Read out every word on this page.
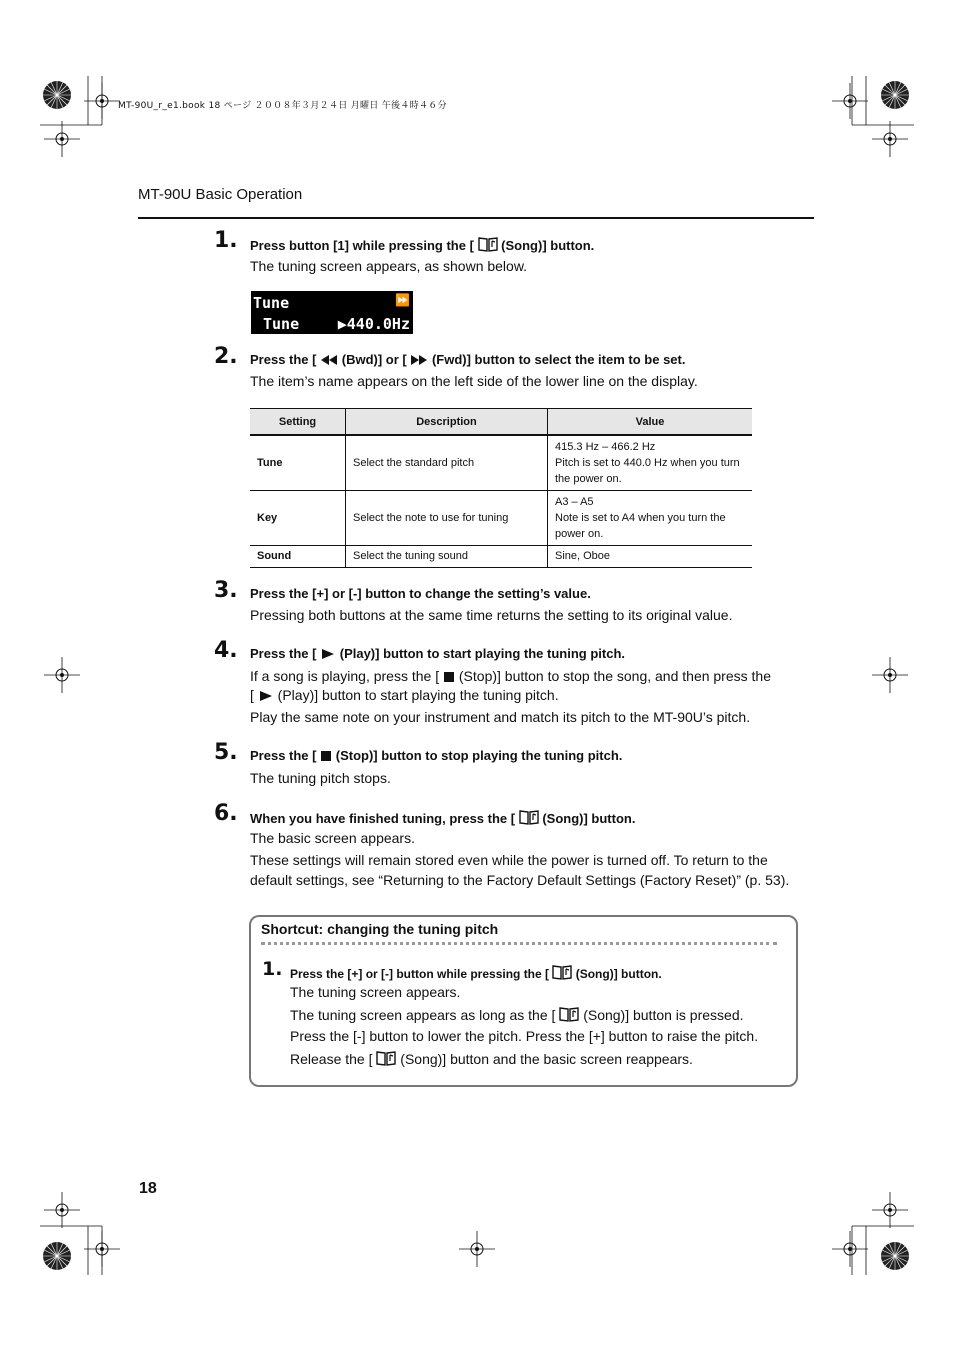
MT-90U_r_e1.book 18 ページ ２００８年３月２４日 月曜日 午後４時４６分
MT-90U Basic Operation
1. Press button [1] while pressing the [ (Song)] button.
The tuning screen appears, as shown below.
Tune	⏩
Tune	▶440.0Hz
2. Press the [ (Bwd)] or [ (Fwd)] button to select the item to be set.
The item’s name appears on the left side of the lower line on the display.
Setting	Description	Value
Tune	Select the standard pitch	415.3 Hz – 466.2 Hz
Pitch is set to 440.0 Hz when you turn
the power on.

Key	Select the note to use for tuning	A3 – A5
Note is set to A4 when you turn the
power on.

Sound	Select the tuning sound	Sine, Oboe
3. Press the [+] or [-] button to change the setting’s value.
Pressing both buttons at the same time returns the setting to its original value.
4. Press the [ (Play)] button to start playing the tuning pitch.
If a song is playing, press the [ (Stop)] button to stop the song, and then press the
[ (Play)] button to start playing the tuning pitch.
Play the same note on your instrument and match its pitch to the MT-90U’s pitch.
5. Press the [ (Stop)] button to stop playing the tuning pitch.
The tuning pitch stops.
6. When you have finished tuning, press the [ (Song)] button.
The basic screen appears.
These settings will remain stored even while the power is turned off. To return to the
default settings, see “Returning to the Factory Default Settings (Factory Reset)” (p. 53).
Shortcut: changing the tuning pitch
1. Press the [+] or [-] button while pressing the [ (Song)] button.
The tuning screen appears.
The tuning screen appears as long as the [ (Song)] button is pressed.
Press the [-] button to lower the pitch. Press the [+] button to raise the pitch.
Release the [ (Song)] button and the basic screen reappears.
18
